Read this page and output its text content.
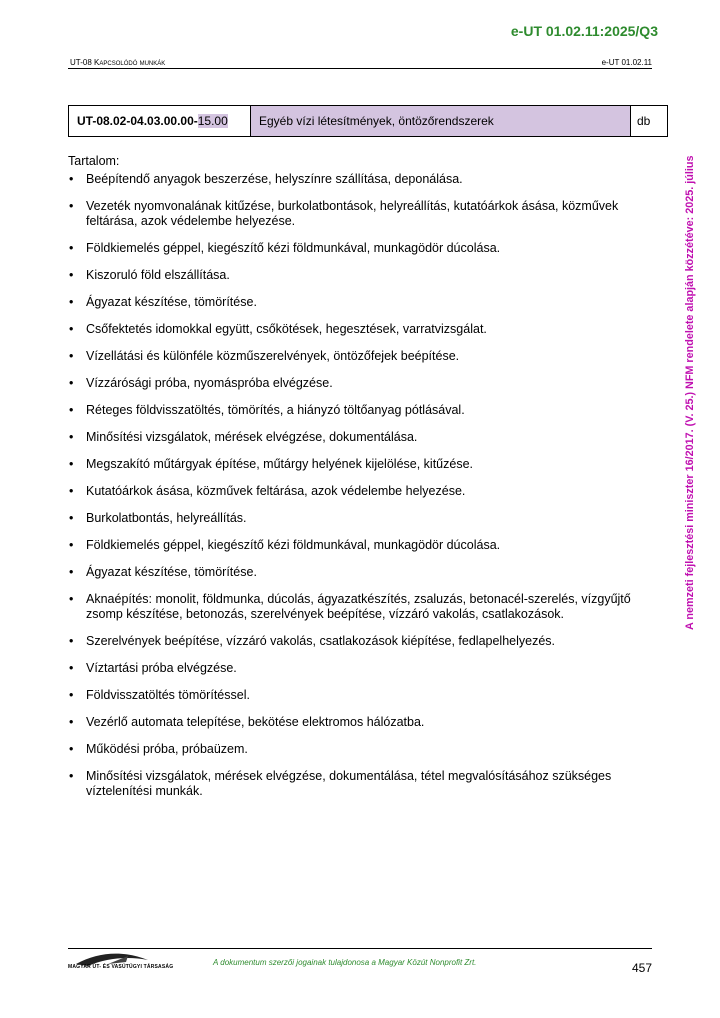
e-UT 01.02.11:2025/Q3
UT-08 Kapcsolódó munkák	e-UT 01.02.11
UT-08.02-04.03.00.00- 15.00	Egyéb vízi létesítmények, öntözőrendszerek	db
Tartalom:
• Beépítendő anyagok beszerzése, helyszínre szállítása, deponálása.
• Vezeték nyomvonalának kitűzése, burkolatbontások, helyreállítás, kutatóárkok ásása, közművek feltárása, azok védelembe helyezése.
• Földkiemelés géppel, kiegészítő kézi földmunkával, munkagödör dúcolása.
• Kiszoruló föld elszállítása.
• Ágyazat készítése, tömörítése.
• Csőfektetés idomokkal együtt, csőkötések, hegesztések, varratvizsgálat.
• Vízellátási és különféle közműszerelvények, öntözőfejek beépítése.
• Vízzárósági próba, nyomáspróba elvégzése.
• Réteges földvisszatöltés, tömörítés, a hiányzó töltőanyag pótlásával.
• Minősítési vizsgálatok, mérések elvégzése, dokumentálása.
• Megszakító műtárgyak építése, műtárgy helyének kijelölése, kitűzése.
• Kutatóárkok ásása, közművek feltárása, azok védelembe helyezése.
• Burkolatbontás, helyreállítás.
• Földkiemelés géppel, kiegészítő kézi földmunkával, munkagödör dúcolása.
• Ágyazat készítése, tömörítése.
• Aknaépítés: monolit, földmunka, dúcolás, ágyazatkészítés, zsaluzás, betonacél-szerelés, vízgyűjtő zsomp készítése, betonozás, szerelvények beépítése, vízzáró vakolás, csatlakozások.
• Szerelvények beépítése, vízzáró vakolás, csatlakozások kiépítése, fedlapelhelyezés.
• Víztartási próba elvégzése.
• Földvisszatöltés tömörítéssel.
• Vezérlő automata telepítése, bekötése elektromos hálózatba.
• Működési próba, próbaüzem.
• Minősítési vizsgálatok, mérések elvégzése, dokumentálása, tétel megvalósításához szükséges víztelenítési munkák.
A nemzeti fejlesztési miniszter 16/2017. (V. 25.) NFM rendelete alapján közzétéve: 2025. július
MAGYAR ÚT- ÉS VASÚTÜGYI TÁRSASÁG	A dokumentum szerzői jogainak tulajdonosa a Magyar Közút Nonprofit Zrt.	457
